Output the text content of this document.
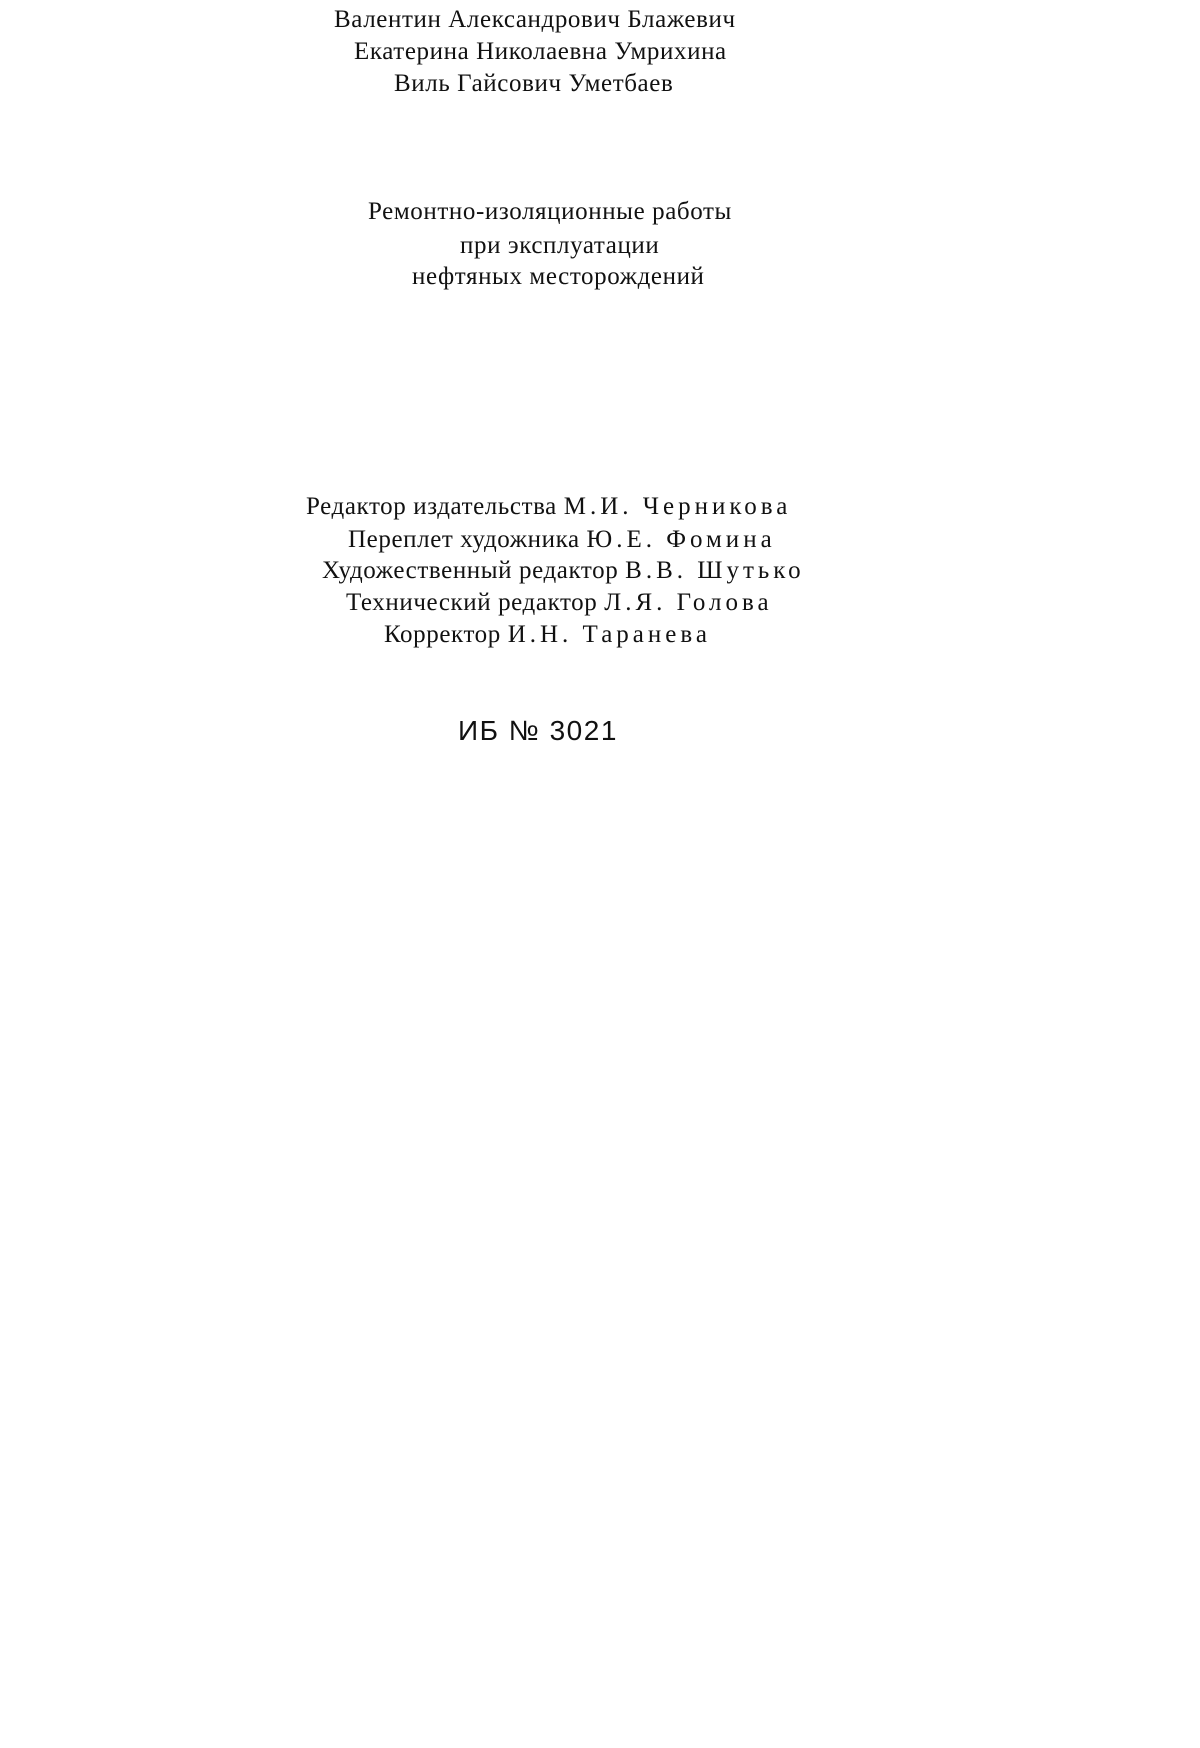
Валентин Александрович Блажевич
Екатерина Николаевна Умрихина
Виль Гайсович Уметбаев
Ремонтно-изоляционные работы
при эксплуатации
нефтяных месторождений
Редактор издательства М.И. Черникова
Переплет художника Ю.Е. Фомина
Художественный редактор В.В. Шутько
Технический редактор Л.Я. Голова
Корректор И.Н. Таранева
ИБ № 3021
